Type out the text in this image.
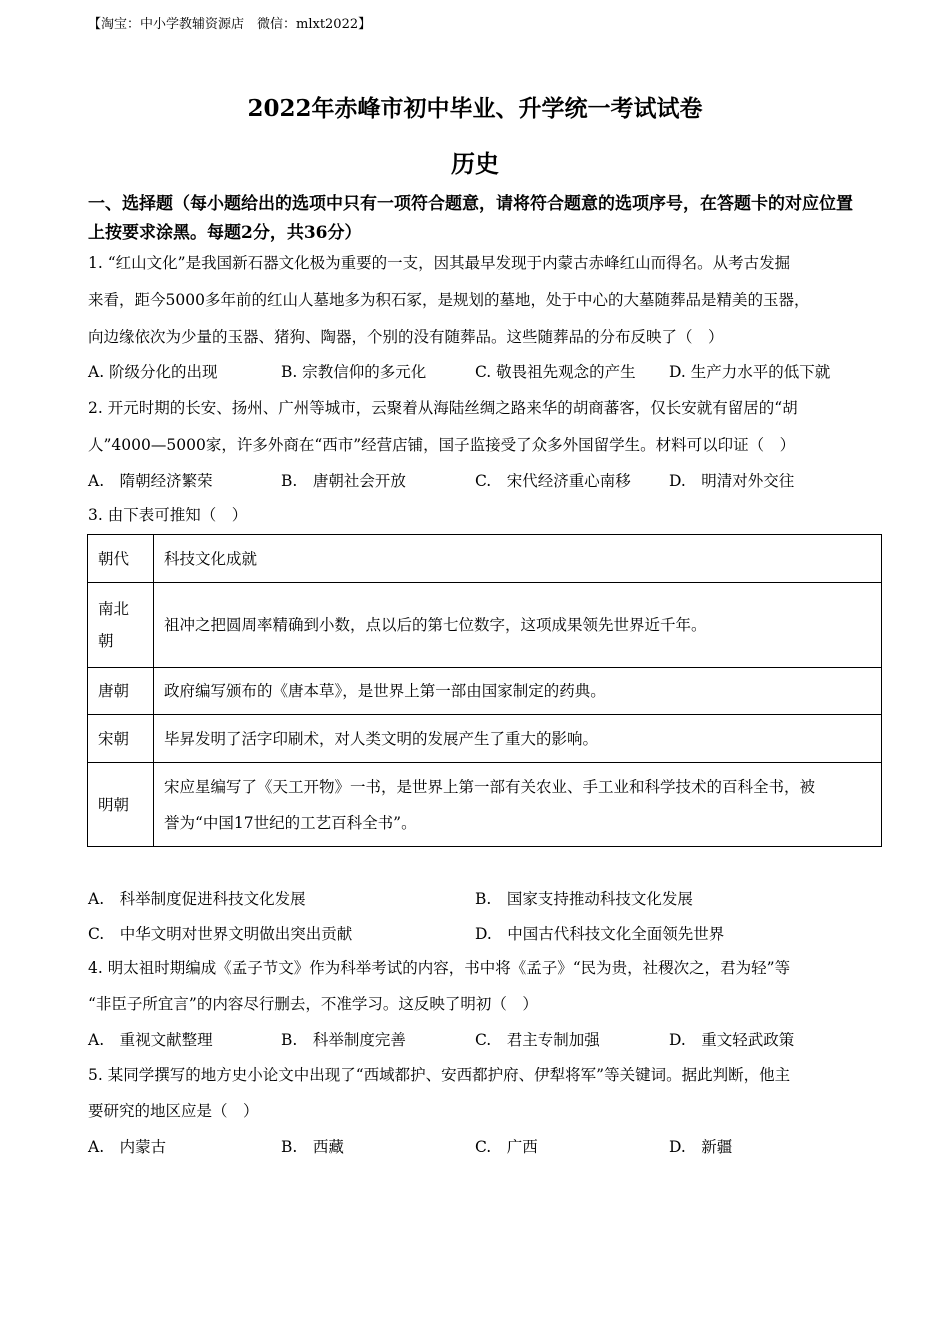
【淘宝：中小学教辅资源店　微信：mlxt2022】
2022年赤峰市初中毕业、升学统一考试试卷
历史
一、选择题（每小题给出的选项中只有一项符合题意，请将符合题意的选项序号，在答题卡的对应位置上按要求涂黑。每题2分，共36分）
1. “红山文化”是我国新石器文化极为重要的一支，因其最早发现于内蒙古赤峰红山而得名。从考古发掘
来看，距今5000多年前的红山人墓地多为积石冢，是规划的墓地，处于中心的大墓随葬品是精美的玉器，
向边缘依次为少量的玉器、猪狗、陶器，个别的没有随葬品。这些随葬品的分布反映了（　）
A. 阶级分化的出现	B. 宗教信仰的多元化	C. 敬畏祖先观念的产生 D. 生产力水平的低下就
2. 开元时期的长安、扬州、广州等城市，云聚着从海陆丝绸之路来华的胡商蕃客，仅长安就有留居的“胡
人”4000—5000家，许多外商在“西市”经营店铺，国子监接受了众多外国留学生。材料可以印证（　）
A.　隋朝经济繁荣	B.　唐朝社会开放	C.　宋代经济重心南移 D.　明清对外交往
3. 由下表可推知（　）
朝代	科技文化成就

南北
朝	祖冲之把圆周率精确到小数，点以后的第七位数字，这项成果领先世界近千年。
唐朝	政府编写颁布的《唐本草》，是世界上第一部由国家制定的药典。
宋朝	毕昇发明了活字印刷术，对人类文明的发展产生了重大的影响。
明朝	宋应星编写了《天工开物》一书，是世界上第一部有关农业、手工业和科学技术的百科全书，被
誉为“中国17世纪的工艺百科全书”。
A.　科举制度促进科技文化发展	B.　国家支持推动科技文化发展
C.　中华文明对世界文明做出突出贡献	D.　中国古代科技文化全面领先世界
4. 明太祖时期编成《孟子节文》作为科举考试的内容，书中将《孟子》“民为贵，社稷次之，君为轻”等
“非臣子所宜言”的内容尽行删去，不准学习。这反映了明初（　）
A.　重视文献整理	B.　科举制度完善	C.　君主专制加强	D.　重文轻武政策
5. 某同学撰写的地方史小论文中出现了“西域都护、安西都护府、伊犁将军”等关键词。据此判断，他主
要研究的地区应是（　）
A.　内蒙古	B.　西藏	C.　广西	D.　新疆
